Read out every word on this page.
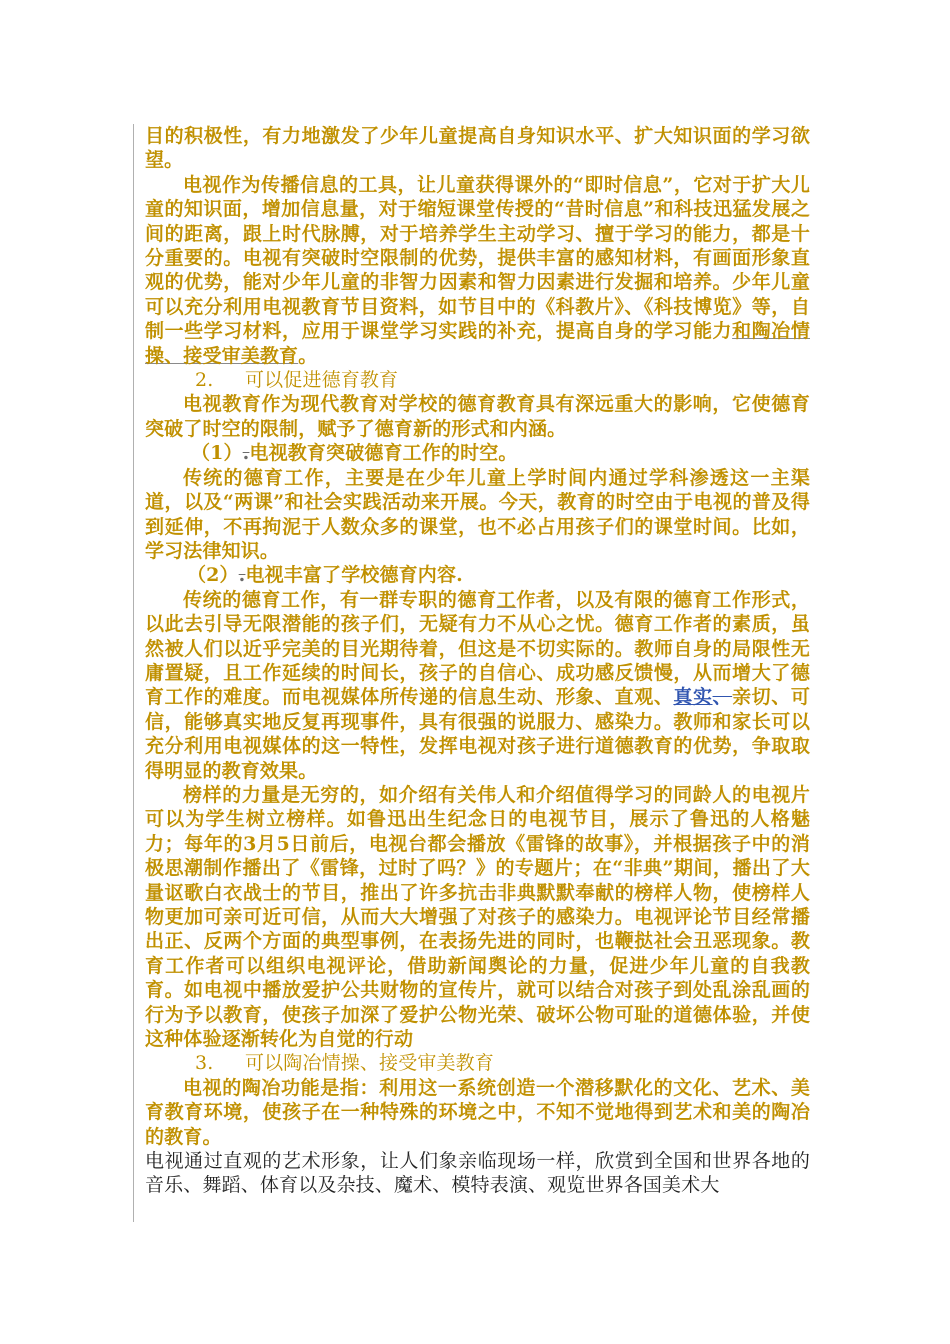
目的积极性，有力地激发了少年儿童提高自身知识水平、扩大知识面的学习欲望。

电视作为传播信息的工具，让儿童获得课外的“即时信息”，它对于扩大儿童的知识面，增加信息量，对于缩短课堂传授的“昔时信息”和科技迅猛发展之间的距离，跟上时代脉膊，对于培养学生主动学习、擅于学习的能力，都是十分重要的。电视有突破时空限制的优势，提供丰富的感知材料，有画面形象直观的优势，能对少年儿童的非智力因素和智力因素进行发掘和培养。少年儿童可以充分利用电视教育节目资料，如节目中的《科教片》、《科技博览》等，自制一些学习材料，应用于课堂学习实践的补充，提高自身的学习能力和陶冶情操、接受审美教育。

2. 可以促进德育教育

电视教育作为现代教育对学校的德育教育具有深远重大的影响，它使德育突破了时空的限制，赋予了德育新的形式和内涵。

（1）.电视教育突破德育工作的时空。

传统的德育工作，主要是在少年儿童上学时间内通过学科渗透这一主渠道，以及“两课”和社会实践活动来开展。今天，教育的时空由于电视的普及得到延伸，不再拘泥于人数众多的课堂，也不必占用孩子们的课堂时间。比如，学习法律知识。

（2）.电视丰富了学校德育内容.

传统的德育工作，有一群专职的德育工作者，以及有限的德育工作形式，以此去引导无限潜能的孩子们，无疑有力不从心之忧。德育工作者的素质，虽然被人们以近乎完美的目光期待着，但这是不切实际的。教师自身的局限性无庸置疑，且工作延续的时间长，孩子的自信心、成功感反馈慢，从而增大了德育工作的难度。而电视媒体所传递的信息生动、形象、直观、真实、亲切、可信，能够真实地反复再现事件，具有很强的说服力、感染力。教师和家长可以充分利用电视媒体的这一特性，发挥电视对孩子进行道德教育的优势，争取取得明显的教育效果。

榜样的力量是无穷的，如介绍有关伟人和介绍值得学习的同龄人的电视片可以为学生树立榜样。如鲁迅出生纪念日的电视节目，展示了鲁迅的人格魅力；每年的3月5日前后，电视台都会播放《雷锋的故事》，并根据孩子中的消极思潮制作播出了《雷锋，过时了吗？》的专题片；在“非典”期间，播出了大量讴歌白衣战士的节目，推出了许多抗击非典默默奉献的榜样人物，使榜样人物更加可亲可近可信，从而大大增强了对孩子的感染力。电视评论节目经常播出正、反两个方面的典型事例，在表扬先进的同时，也鞭挞社会丑恶现象。教育工作者可以组织电视评论，借助新闻舆论的力量，促进少年儿童的自我教育。如电视中播放爱护公共财物的宣传片，就可以结合对孩子到处乱涂乱画的行为予以教育，使孩子加深了爱护公物光荣、破坏公物可耻的道德体验，并使这种体验逐渐转化为自觉的行动

3. 可以陶冶情操、接受审美教育

电视的陶冶功能是指：利用这一系统创造一个潜移默化的文化、艺术、美育教育环境，使孩子在一种特殊的环境之中，不知不觉地得到艺术和美的陶冶的教育。

电视通过直观的艺术形象，让人们象亲临现场一样，欣赏到全国和世界各地的音乐、舞蹈、体育以及杂技、魔术、模特表演、观览世界各国美术大
